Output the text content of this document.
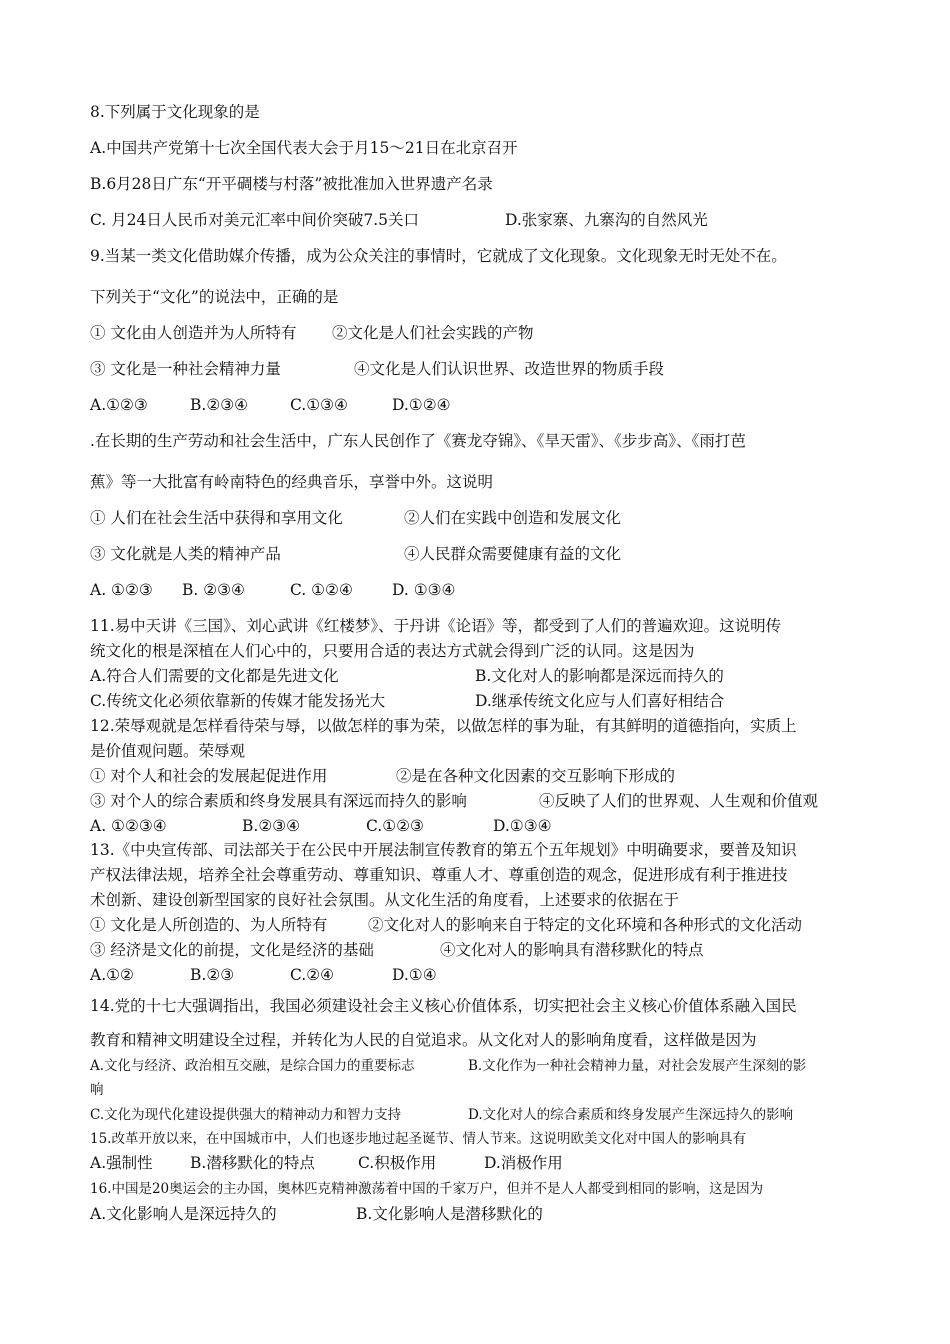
8.下列属于文化现象的是
A.中国共产党第十七次全国代表大会于月15～21日在北京召开
B.6月28日广东“开平碉楼与村落”被批准加入世界遗产名录
C. 月24日人民币对美元汇率中间价突破7.5关口	D.张家寨、九寨沟的自然风光
9.当某一类文化借助媒介传播，成为公众关注的事情时，它就成了文化现象。文化现象无时无处不在。
下列关于“文化”的说法中，正确的是
① 文化由人创造并为人所特有 ②文化是人们社会实践的产物
③ 文化是一种社会精神力量	④文化是人们认识世界、改造世界的物质手段
A.①②③	B.②③④	C.①③④	D.①②④
.在长期的生产劳动和社会生活中，广东人民创作了《赛龙夺锦》、《旱天雷》、《步步高》、《雨打芭
蕉》等一大批富有岭南特色的经典音乐，享誉中外。这说明
① 人们在社会生活中获得和享用文化	②人们在实践中创造和发展文化
③ 文化就是人类的精神产品	④人民群众需要健康有益的文化
A. ①②③ B. ②③④	C. ①②④	D. ①③④
11.易中天讲《三国》、刘心武讲《红楼梦》、于丹讲《论语》等，都受到了人们的普遍欢迎。这说明传
统文化的根是深植在人们心中的，只要用合适的表达方式就会得到广泛的认同。这是因为
A.符合人们需要的文化都是先进文化	B.文化对人的影响都是深远而持久的
C.传统文化必须依靠新的传媒才能发扬光大	D.继承传统文化应与人们喜好相结合
12.荣辱观就是怎样看待荣与辱，以做怎样的事为荣，以做怎样的事为耻，有其鲜明的道德指向，实质上
是价值观问题。荣辱观
① 对个人和社会的发展起促进作用	②是在各种文化因素的交互影响下形成的
③ 对个人的综合素质和终身发展具有深远而持久的影响	④反映了人们的世界观、人生观和价值观
A. ①②③④	B.②③④	C.①②③	D.①③④
13.《中央宣传部、司法部关于在公民中开展法制宣传教育的第五个五年规划》中明确要求，要普及知识
产权法律法规，培养全社会尊重劳动、尊重知识、尊重人才、尊重创造的观念，促进形成有利于推进技
术创新、建设创新型国家的良好社会氛围。从文化生活的角度看，上述要求的依据在于
① 文化是人所创造的、为人所特有	②文化对人的影响来自于特定的文化环境和各种形式的文化活动
③ 经济是文化的前提，文化是经济的基础	④文化对人的影响具有潜移默化的特点
A.①②	B.②③	C.②④	D.①④
14.党的十七大强调指出，我国必须建设社会主义核心价值体系，切实把社会主义核心价值体系融入国民
教育和精神文明建设全过程，并转化为人民的自觉追求。从文化对人的影响角度看，这样做是因为
A.文化与经济、政治相互交融，是综合国力的重要标志	B.文化作为一种社会精神力量，对社会发展产生深刻的影
响
C.文化为现代化建设提供强大的精神动力和智力支持	D.文化对人的综合素质和终身发展产生深远持久的影响
15.改革开放以来，在中国城市中，人们也逐步地过起圣诞节、情人节来。这说明欧美文化对中国人的影响具有
A.强制性 B.潜移默化的特点	C.积极作用	D.消极作用
16.中国是20奥运会的主办国，奥林匹克精神激荡着中国的千家万户，但并不是人人都受到相同的影响，这是因为
A.文化影响人是深远持久的	B.文化影响人是潜移默化的
